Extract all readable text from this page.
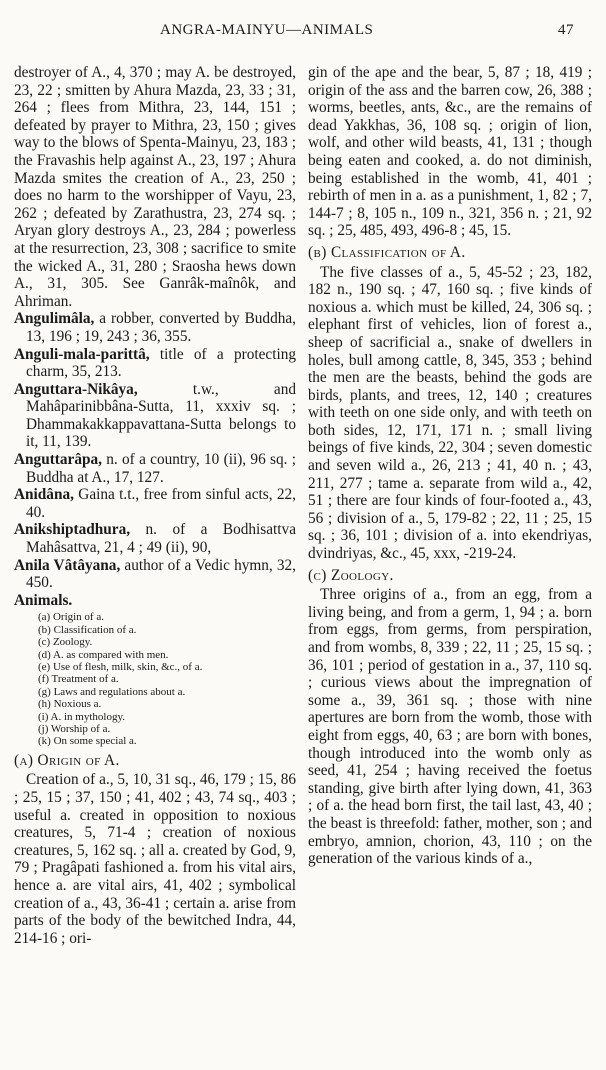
ANGRA-MAINYU—ANIMALS	47

destroyer of A., 4, 370 ; may A. be destroyed, 23, 22 ; smitten by Ahura Mazda, 23, 33 ; 31, 264 ; flees from Mithra, 23, 144, 151 ; defeated by prayer to Mithra, 23, 150 ; gives way to the blows of Spenta-Mainyu, 23, 183 ; the Fravashis help against A., 23, 197 ; Ahura Mazda smites the creation of A., 23, 250 ; does no harm to the worshipper of Vayu, 23, 262 ; defeated by Zarathustra, 23, 274 sq. ; Aryan glory destroys A., 23, 284 ; powerless at the resurrection, 23, 308 ; sacrifice to smite the wicked A., 31, 280 ; Sraosha hews down A., 31, 305. See Ganrâk-maînôk, and Ahriman.

Angulimâla, a robber, converted by Buddha, 13, 196 ; 19, 243 ; 36, 355.

Anguli-mala-parittâ, title of a protecting charm, 35, 213.

Anguttara-Nikâya, t.w., and Mahâparinibbâna-Sutta, 11, xxxiv sq. ; Dhammakakkappavattana-Sutta belongs to it, 11, 139.

Anguttarâpa, n. of a country, 10 (ii), 96 sq. ; Buddha at A., 17, 127.

Anidâna, Gaina t.t., free from sinful acts, 22, 40.

Anikshiptadhura, n. of a Bodhisattva Mahâsattva, 21, 4 ; 49 (ii), 90,

Anila Vâtâyana, author of a Vedic hymn, 32, 450.

Animals.

(a) Origin of a.
(b) Classification of a.
(c) Zoology.
(d) A. as compared with men.
(e) Use of flesh, milk, skin, &c., of a.
(f) Treatment of a.
(g) Laws and regulations about a.
(h) Noxious a.
(i) A. in mythology.
(j) Worship of a.
(k) On some special a.

(a) Origin of A.

Creation of a., 5, 10, 31 sq., 46, 179 ; 15, 86 ; 25, 15 ; 37, 150 ; 41, 402 ; 43, 74 sq., 403 ; useful a. created in opposition to noxious creatures, 5, 71-4 ; creation of noxious creatures, 5, 162 sq. ; all a. created by God, 9, 79 ; Pragâpati fashioned a. from his vital airs, hence a. are vital airs, 41, 402 ; symbolical creation of a., 43, 36-41 ; certain a. arise from parts of the body of the bewitched Indra, 44, 214-16 ; ori-

gin of the ape and the bear, 5, 87 ; 18, 419 ; origin of the ass and the barren cow, 26, 388 ; worms, beetles, ants, &c., are the remains of dead Yakkhas, 36, 108 sq. ; origin of lion, wolf, and other wild beasts, 41, 131 ; though being eaten and cooked, a. do not diminish, being established in the womb, 41, 401 ; rebirth of men in a. as a punishment, 1, 82 ; 7, 144-7 ; 8, 105 n., 109 n., 321, 356 n. ; 21, 92 sq. ; 25, 485, 493, 496-8 ; 45, 15.

(b) Classification of A.

The five classes of a., 5, 45-52 ; 23, 182, 182 n., 190 sq. ; 47, 160 sq. ; five kinds of noxious a. which must be killed, 24, 306 sq. ; elephant first of vehicles, lion of forest a., sheep of sacrificial a., snake of dwellers in holes, bull among cattle, 8, 345, 353 ; behind the men are the beasts, behind the gods are birds, plants, and trees, 12, 140 ; creatures with teeth on one side only, and with teeth on both sides, 12, 171, 171 n. ; small living beings of five kinds, 22, 304 ; seven domestic and seven wild a., 26, 213 ; 41, 40 n. ; 43, 211, 277 ; tame a. separate from wild a., 42, 51 ; there are four kinds of four-footed a., 43, 56 ; division of a., 5, 179-82 ; 22, 11 ; 25, 15 sq. ; 36, 101 ; division of a. into ekendriyas, dvindriyas, &c., 45, xxx, -219-24.

(c) Zoology.

Three origins of a., from an egg, from a living being, and from a germ, 1, 94 ; a. born from eggs, from germs, from perspiration, and from wombs, 8, 339 ; 22, 11 ; 25, 15 sq. ; 36, 101 ; period of gestation in a., 37, 110 sq. ; curious views about the impregnation of some a., 39, 361 sq. ; those with nine apertures are born from the womb, those with eight from eggs, 40, 63 ; are born with bones, though introduced into the womb only as seed, 41, 254 ; having received the foetus standing, give birth after lying down, 41, 363 ; of a. the head born first, the tail last, 43, 40 ; the beast is threefold: father, mother, son ; and embryo, amnion, chorion, 43, 110 ; on the generation of the various kinds of a.,
